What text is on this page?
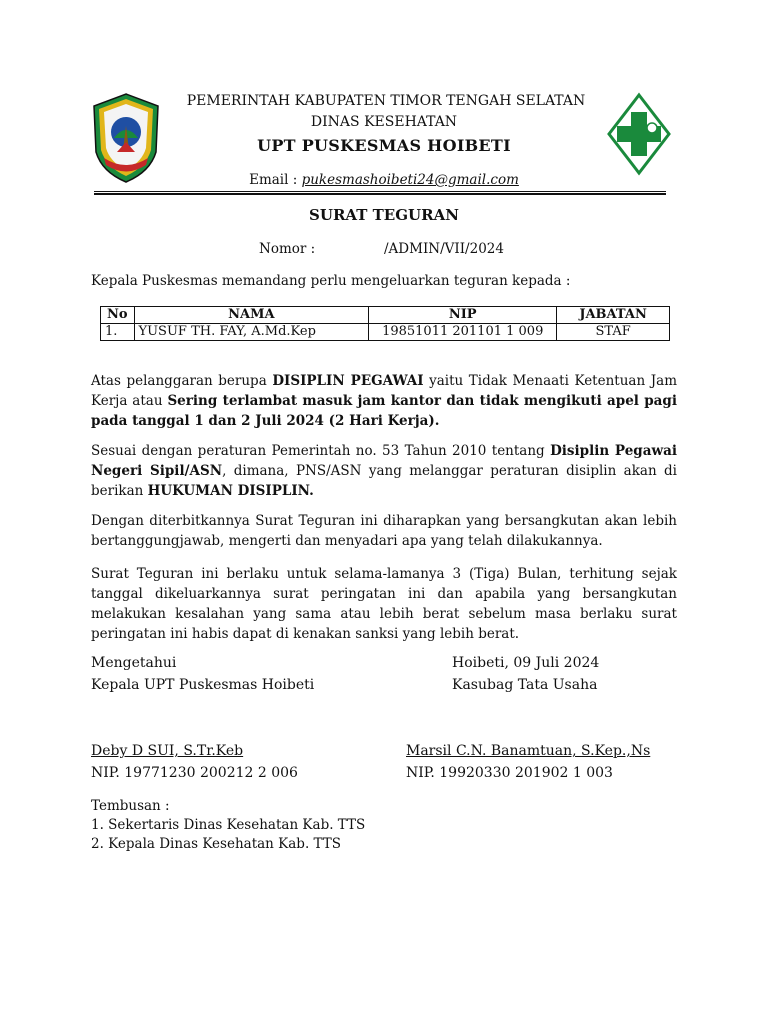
PEMERINTAH KABUPATEN TIMOR TENGAH SELATAN
DINAS KESEHATAN
UPT PUSKESMAS HOIBETI
Email : pukesmashoibeti24@gmail.com
SURAT TEGURAN
Nomor :	/ADMIN/VII/2024
Kepala Puskesmas memandang perlu mengeluarkan teguran kepada :
No	NAMA	NIP	JABATAN
1.	YUSUF TH. FAY, A.Md.Kep	19851011 201101 1 009	STAF
Atas pelanggaran berupa DISIPLIN PEGAWAI yaitu Tidak Menaati Ketentuan Jam Kerja atau Sering terlambat masuk jam kantor dan tidak mengikuti apel pagi pada tanggal 1 dan 2 Juli 2024 (2 Hari Kerja).
Sesuai dengan peraturan Pemerintah no. 53 Tahun 2010 tentang Disiplin Pegawai Negeri Sipil/ASN, dimana, PNS/ASN yang melanggar peraturan disiplin akan di berikan HUKUMAN DISIPLIN.
Dengan diterbitkannya Surat Teguran ini diharapkan yang bersangkutan akan lebih bertanggungjawab, mengerti dan menyadari apa yang telah dilakukannya.
Surat Teguran ini berlaku untuk selama-lamanya 3 (Tiga) Bulan, terhitung sejak tanggal dikeluarkannya surat peringatan ini dan apabila yang bersangkutan melakukan kesalahan yang sama atau lebih berat sebelum masa berlaku surat peringatan ini habis dapat di kenakan sanksi yang lebih berat.
Mengetahui
Kepala UPT Puskesmas Hoibeti
Hoibeti, 09 Juli 2024
Kasubag Tata Usaha
Deby D SUI, S.Tr.Keb
NIP. 19771230 200212 2 006
Marsil C.N. Banamtuan, S.Kep.,Ns
NIP. 19920330 201902 1 003
Tembusan :
1. Sekertaris Dinas Kesehatan Kab. TTS
2. Kepala Dinas Kesehatan Kab. TTS
